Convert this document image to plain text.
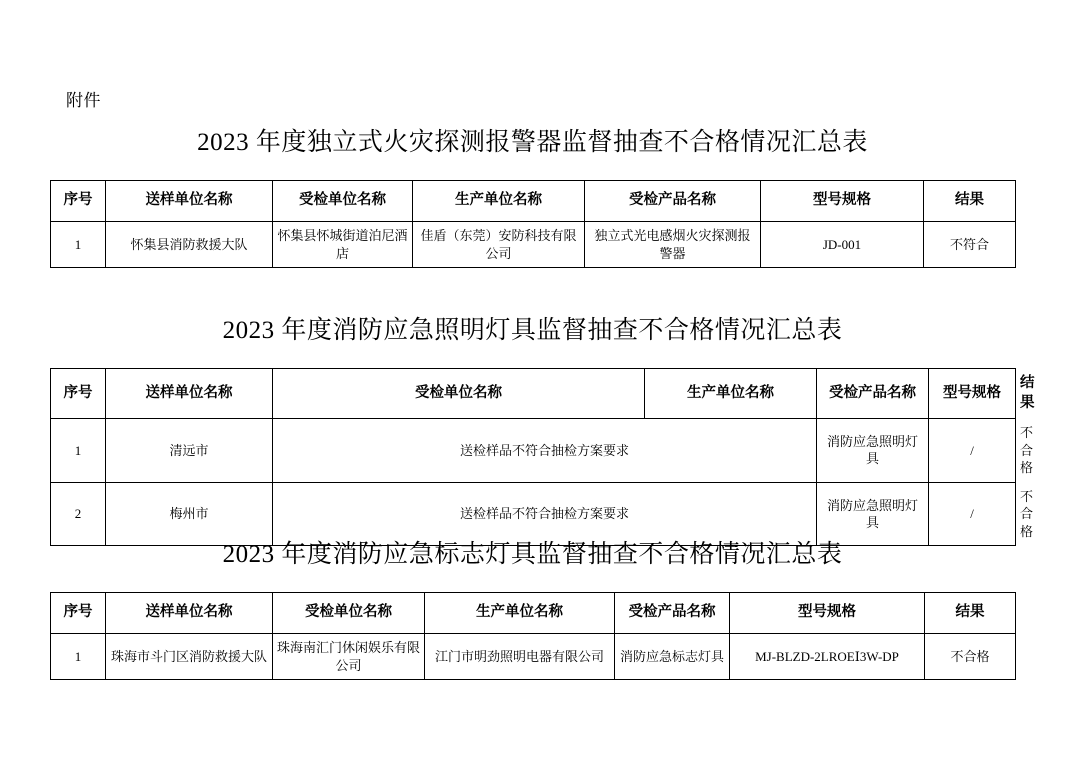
附件
2023 年度独立式火灾探测报警器监督抽查不合格情况汇总表
序号	送样单位名称	受检单位名称	生产单位名称	受检产品名称	型号规格	结果
1	怀集县消防救援大队	怀集县怀城街道泊尼酒店	佳盾（东莞）安防科技有限公司	独立式光电感烟火灾探测报警器	JD-001	不符合
2023 年度消防应急照明灯具监督抽查不合格情况汇总表
序号	送样单位名称	受检单位名称	生产单位名称	受检产品名称	型号规格	结果
1	清远市	送检样品不符合抽检方案要求		消防应急照明灯具	/	不合格
2	梅州市	送检样品不符合抽检方案要求		消防应急照明灯具	/	不合格
2023 年度消防应急标志灯具监督抽查不合格情况汇总表
序号	送样单位名称	受检单位名称	生产单位名称	受检产品名称	型号规格	结果
1	珠海市斗门区消防救援大队	珠海南汇门休闲娱乐有限公司	江门市明劲照明电器有限公司	消防应急标志灯具	MJ-BLZD-2LROEⅠ3W-DP	不合格
